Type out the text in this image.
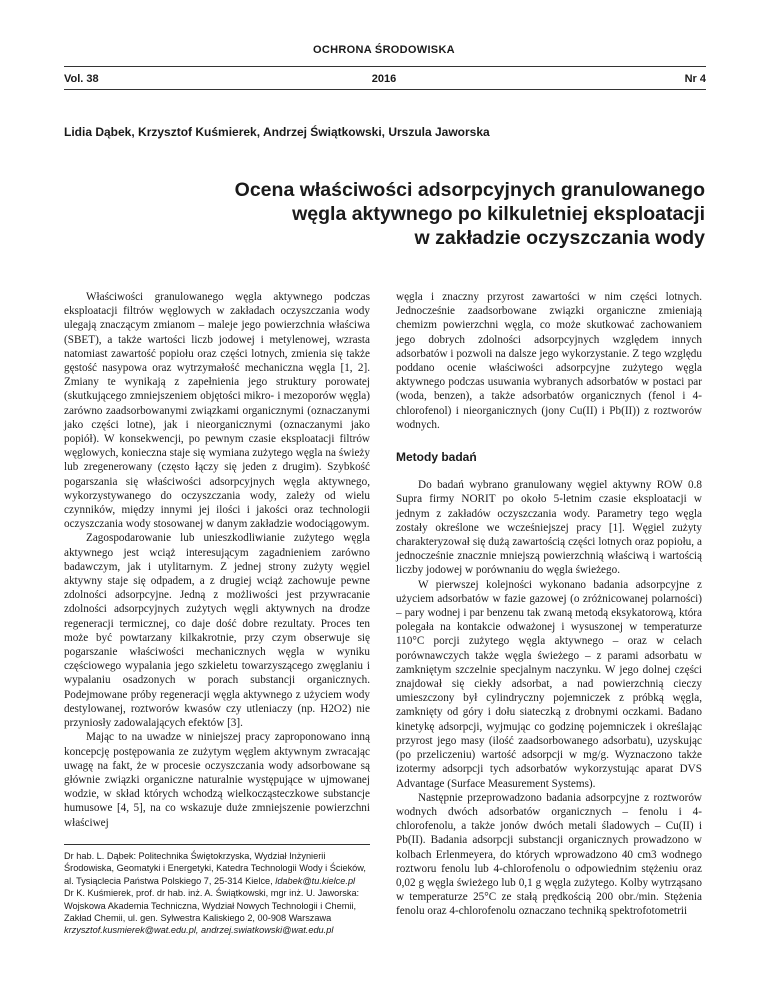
OCHRONA ŚRODOWISKA
Vol. 38	2016	Nr 4
Lidia Dąbek, Krzysztof Kuśmierek, Andrzej Świątkowski, Urszula Jaworska
Ocena właściwości adsorpcyjnych granulowanego
węgla aktywnego po kilkuletniej eksploatacji
w zakładzie oczyszczania wody

Właściwości granulowanego węgla aktywnego podczas eksploatacji filtrów węglowych w zakładach oczyszczania wody ulegają znaczącym zmianom – maleje jego powierzchnia właściwa (SBET), a także wartości liczb jodowej i metylenowej, wzrasta natomiast zawartość popiołu oraz części lotnych, zmienia się także gęstość nasypowa oraz wytrzymałość mechaniczna węgla [1, 2]. Zmiany te wynikają z zapełnienia jego struktury porowatej (skutkującego zmniejszeniem objętości mikro- i mezoporów węgla) zarówno zaadsorbowanymi związkami organicznymi (oznaczanymi jako części lotne), jak i nieorganicznymi (oznaczanymi jako popiół). W konsekwencji, po pewnym czasie eksploatacji filtrów węglowych, konieczna staje się wymiana zużytego węgla na świeży lub zregenerowany (często łączy się jeden z drugim). Szybkość pogarszania się właściwości adsorpcyjnych węgla aktywnego, wykorzystywanego do oczyszczania wody, zależy od wielu czynników, między innymi jej ilości i jakości oraz technologii oczyszczania wody stosowanej w danym zakładzie wodociągowym.

Zagospodarowanie lub unieszkodliwianie zużytego węgla aktywnego jest wciąż interesującym zagadnieniem zarówno badawczym, jak i utylitarnym. Z jednej strony zużyty węgiel aktywny staje się odpadem, a z drugiej wciąż zachowuje pewne zdolności adsorpcyjne. Jedną z możliwości jest przywracanie zdolności adsorpcyjnych zużytych węgli aktywnych na drodze regeneracji termicznej, co daje dość dobre rezultaty. Proces ten może być powtarzany kilkakrotnie, przy czym obserwuje się pogarszanie właściwości mechanicznych węgla w wyniku częściowego wypalania jego szkieletu towarzyszącego zwęglaniu i wypalaniu osadzonych w porach substancji organicznych. Podejmowane próby regeneracji węgla aktywnego z użyciem wody destylowanej, roztworów kwasów czy utleniaczy (np. H2O2) nie przyniosły zadowalających efektów [3].

Mając to na uwadze w niniejszej pracy zaproponowano inną koncepcję postępowania ze zużytym węglem aktywnym zwracając uwagę na fakt, że w procesie oczyszczania wody adsorbowane są głównie związki organiczne naturalnie występujące w ujmowanej wodzie, w skład których wchodzą wielkocząsteczkowe substancje humusowe [4, 5], na co wskazuje duże zmniejszenie powierzchni właściwej

węgla i znaczny przyrost zawartości w nim części lotnych. Jednocześnie zaadsorbowane związki organiczne zmieniają chemizm powierzchni węgla, co może skutkować zachowaniem jego dobrych zdolności adsorpcyjnych względem innych adsorbatów i pozwoli na dalsze jego wykorzystanie. Z tego względu poddano ocenie właściwości adsorpcyjne zużytego węgla aktywnego podczas usuwania wybranych adsorbatów w postaci par (woda, benzen), a także adsorbatów organicznych (fenol i 4-chlorofenol) i nieorganicznych (jony Cu(II) i Pb(II)) z roztworów wodnych.

Metody badań

Do badań wybrano granulowany węgiel aktywny ROW 0.8 Supra firmy NORIT po około 5-letnim czasie eksploatacji w jednym z zakładów oczyszczania wody. Parametry tego węgla zostały określone we wcześniejszej pracy [1]. Węgiel zużyty charakteryzował się dużą zawartością części lotnych oraz popiołu, a jednocześnie znacznie mniejszą powierzchnią właściwą i wartością liczby jodowej w porównaniu do węgla świeżego.

W pierwszej kolejności wykonano badania adsorpcyjne z użyciem adsorbatów w fazie gazowej (o zróżnicowanej polarności) – pary wodnej i par benzenu tak zwaną metodą eksykatorową, która polegała na kontakcie odważonej i wysuszonej w temperaturze 110°C porcji zużytego węgla aktywnego – oraz w celach porównawczych także węgla świeżego – z parami adsorbatu w zamkniętym szczelnie specjalnym naczynku. W jego dolnej części znajdował się ciekły adsorbat, a nad powierzchnią cieczy umieszczony był cylindryczny pojemniczek z próbką węgla, zamknięty od góry i dołu siateczką z drobnymi oczkami. Badano kinetykę adsorpcji, wyjmując co godzinę pojemniczek i określając przyrost jego masy (ilość zaadsorbowanego adsorbatu), uzyskując (po przeliczeniu) wartość adsorpcji w mg/g. Wyznaczono także izotermy adsorpcji tych adsorbatów wykorzystując aparat DVS Advantage (Surface Measurement Systems).

Następnie przeprowadzono badania adsorpcyjne z roztworów wodnych dwóch adsorbatów organicznych – fenolu i 4-chlorofenolu, a także jonów dwóch metali śladowych – Cu(II) i Pb(II). Badania adsorpcji substancji organicznych prowadzono w kolbach Erlenmeyera, do których wprowadzono 40 cm3 wodnego roztworu fenolu lub 4-chlorofenolu o odpowiednim stężeniu oraz 0,02 g węgla świeżego lub 0,1 g węgla zużytego. Kolby wytrząsano w temperaturze 25°C ze stałą prędkością 200 obr./min. Stężenia fenolu oraz 4-chlorofenolu oznaczano techniką spektrofotometrii

Dr hab. L. Dąbek: Politechnika Świętokrzyska, Wydział Inżynierii Środowiska, Geomatyki i Energetyki, Katedra Technologii Wody i Ścieków, al. Tysiąclecia Państwa Polskiego 7, 25-314 Kielce, ldabek@tu.kielce.pl
Dr K. Kuśmierek, prof. dr hab. inż. A. Świątkowski, mgr inż. U. Jaworska: Wojskowa Akademia Techniczna, Wydział Nowych Technologii i Chemii, Zakład Chemii, ul. gen. Sylwestra Kaliskiego 2, 00-908 Warszawa
krzysztof.kusmierek@wat.edu.pl, andrzej.swiatkowski@wat.edu.pl
